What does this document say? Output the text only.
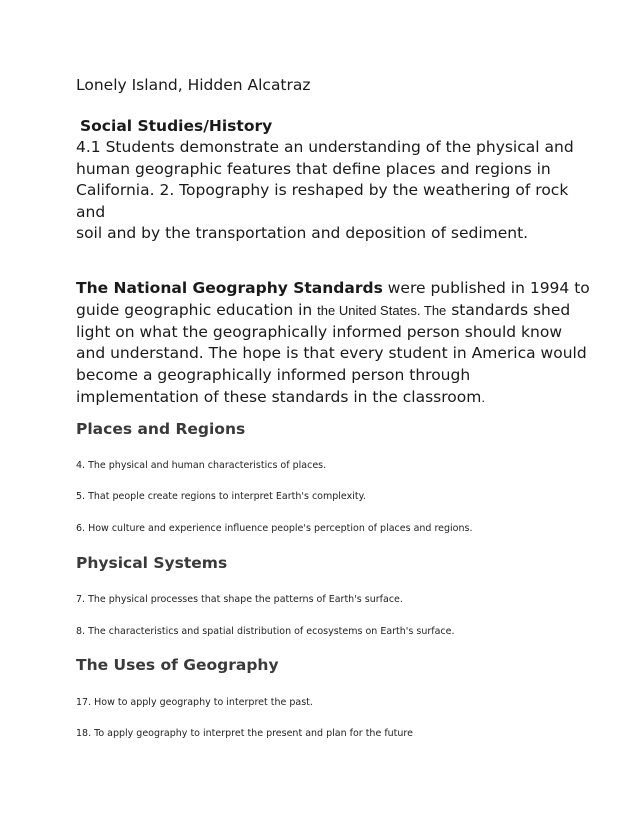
Lonely Island, Hidden Alcatraz
Social Studies/History
4.1 Students demonstrate an understanding of the physical and
human geographic features that define places and regions in
California. 2. Topography is reshaped by the weathering of rock
and
soil and by the transportation and deposition of sediment.
The National Geography Standards were published in 1994 to
guide geographic education in the United States. The standards shed
light on what the geographically informed person should know
and understand. The hope is that every student in America would
become a geographically informed person through
implementation of these standards in the classroom.
Places and Regions
4. The physical and human characteristics of places.
5. That people create regions to interpret Earth's complexity.
6. How culture and experience influence people's perception of places and regions.
Physical Systems
7. The physical processes that shape the patterns of Earth's surface.
8. The characteristics and spatial distribution of ecosystems on Earth's surface.
The Uses of Geography
17. How to apply geography to interpret the past.
18. To apply geography to interpret the present and plan for the future
